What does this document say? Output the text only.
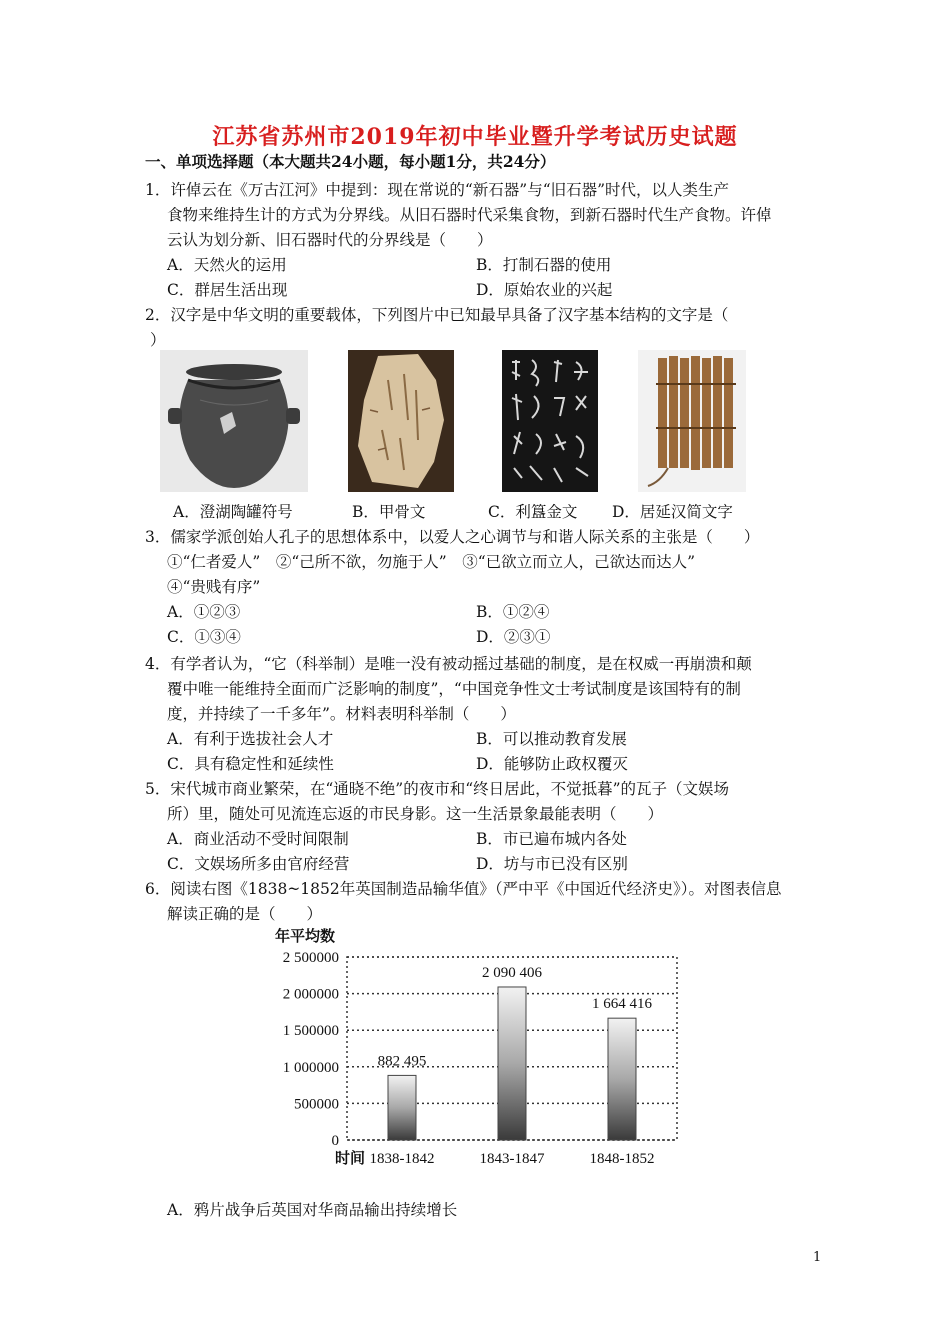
江苏省苏州市2019年初中毕业暨升学考试历史试题
一、单项选择题（本大题共24小题，每小题1分，共24分）
1．许倬云在《万古江河》中提到：现在常说的“新石器”与“旧石器”时代，以人类生产
食物来维持生计的方式为分界线。从旧石器时代采集食物，到新石器时代生产食物。许倬
云认为划分新、旧石器时代的分界线是（　　）
A．天然火的运用	B．打制石器的使用
C．群居生活出现	D．原始农业的兴起
2．汉字是中华文明的重要载体，下列图片中已知最早具备了汉字基本结构的文字是（
）
A．澄湖陶罐符号	B．甲骨文	C．利簋金文 D．居延汉简文字
3．儒家学派创始人孔子的思想体系中，以爱人之心调节与和谐人际关系的主张是（　　）
①“仁者爱人”　②“己所不欲，勿施于人”　③“已欲立而立人，己欲达而达人”
④“贵贱有序”
A．①②③	B．①②④
C．①③④	D．②③①
4．有学者认为，“它（科举制）是唯一没有被动摇过基础的制度，是在权威一再崩溃和颠
覆中唯一能维持全面而广泛影响的制度”，“中国竞争性文士考试制度是该国特有的制
度，并持续了一千多年”。材料表明科举制（　　）
A．有利于选拔社会人才	B．可以推动教育发展
C．具有稳定性和延续性	D．能够防止政权覆灭
5．宋代城市商业繁荣，在“通晓不绝”的夜市和“终日居此，不觉抵暮”的瓦子（文娱场
所）里，随处可见流连忘返的市民身影。这一生活景象最能表明（　　）
A．商业活动不受时间限制	B．市已遍布城内各处
C．文娱场所多由官府经营	D．坊与市已没有区别
6．阅读右图《1838~1852年英国制造品输华值》（严中平《中国近代经济史》）。对图表信息
解读正确的是（　　）
年平均数
0
500000
1 000000
1 500000
2 000000
2 500000
1838-1842	1843-1847	1848-1852
882 495
2 090 406
1 664 416
时间
A．鸦片战争后英国对华商品输出持续增长
1
